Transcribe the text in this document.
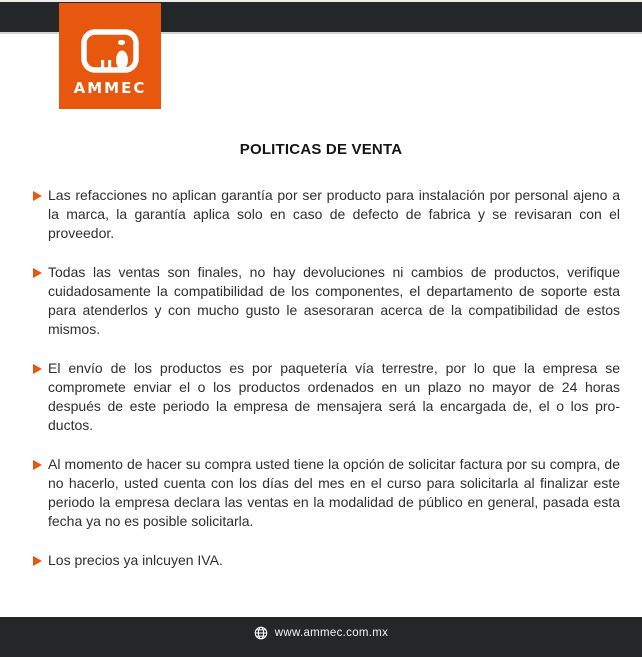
AMMEC
POLITICAS DE VENTA
Las refacciones no aplican garantía por ser producto para instalación por personal ajeno a la marca, la garantía aplica solo en caso de defecto de fabrica y se revisaran con el proveedor.
Todas las ventas son finales, no hay devoluciones ni cambios de productos, verifique cuidadosamente la compatibilidad de los componentes, el departamento de soporte esta para atenderlos y con mucho gusto le asesoraran acerca de la compatibilidad de estos mismos.
El envío de los productos es por paquetería vía terrestre, por lo que la empresa se compromete enviar el o los productos ordenados en un plazo no mayor de 24 horas después de este periodo la empresa de mensajera será la encargada de, el o los productos.
Al momento de hacer su compra usted tiene la opción de solicitar factura por su compra, de no hacerlo, usted cuenta con los días del mes en el curso para solicitarla al finalizar este periodo la empresa declara las ventas en la modalidad de público en general, pasada esta fecha ya no es posible solicitarla.
Los precios ya inlcuyen IVA.
www.ammec.com.mx
